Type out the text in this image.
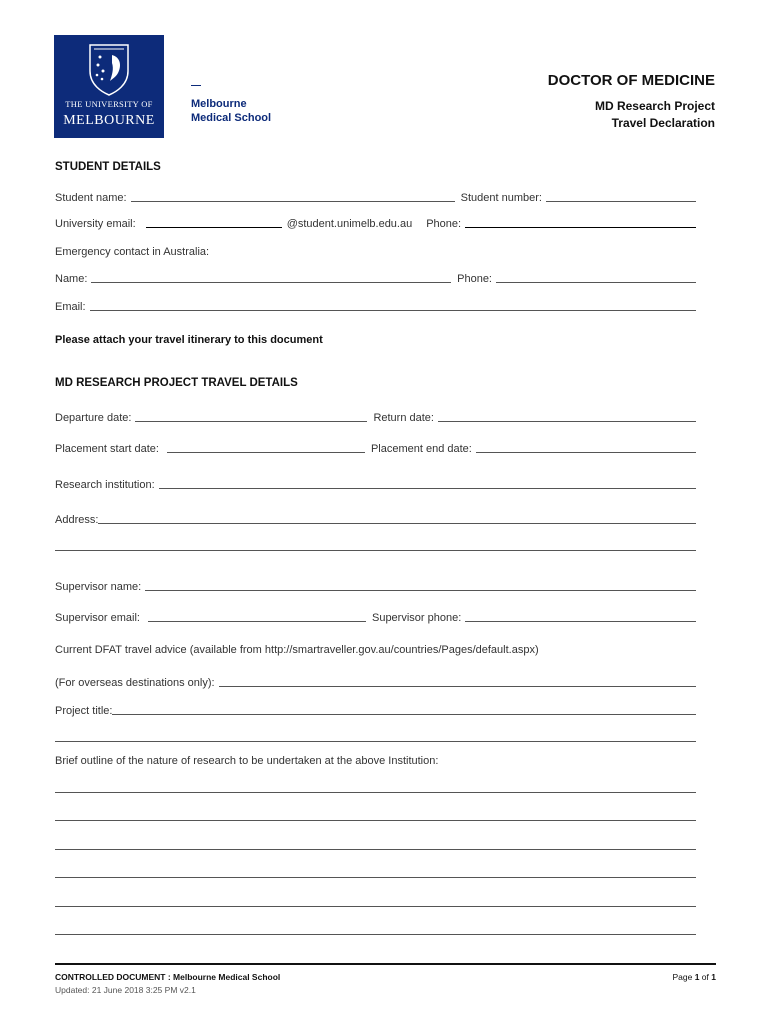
THE UNIVERSITY OF
MELBOURNE
Melbourne
Medical School
DOCTOR OF MEDICINE
MD Research Project
Travel Declaration
STUDENT DETAILS
Student name:	Student number:
University email:	@student.unimelb.edu.au	Phone:
Emergency contact in Australia:
Name:	Phone:
Email:
Please attach your travel itinerary to this document
MD RESEARCH PROJECT TRAVEL DETAILS
Departure date:	Return date:
Placement start date:	Placement end date:
Research institution:
Address:
Supervisor name:
Supervisor email:	Supervisor phone:
Current DFAT travel advice (available from http://smartraveller.gov.au/countries/Pages/default.aspx)
(For overseas destinations only):
Project title:
Brief outline of the nature of research to be undertaken at the above Institution:
CONTROLLED DOCUMENT : Melbourne Medical School
Updated: 21 June 2018 3:25 PM v2.1
Page 1 of 1
